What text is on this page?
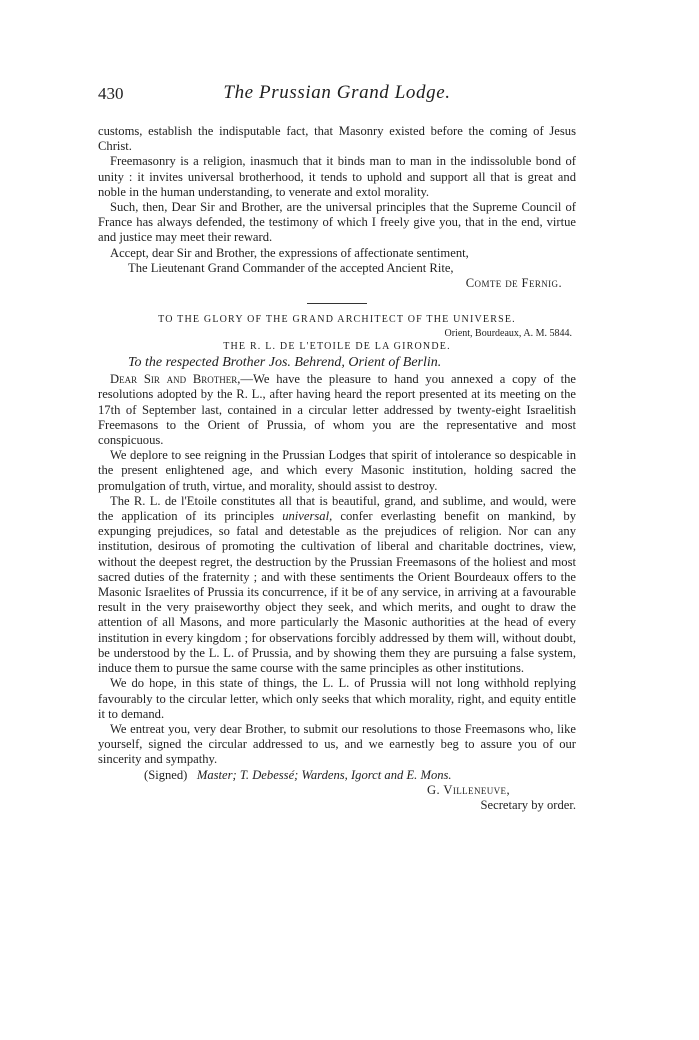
430	The Prussian Grand Lodge.

customs, establish the indisputable fact, that Masonry existed before the coming of Jesus Christ.

Freemasonry is a religion, inasmuch that it binds man to man in the indissoluble bond of unity : it invites universal brotherhood, it tends to uphold and support all that is great and noble in the human understanding, to venerate and extol morality.

Such, then, Dear Sir and Brother, are the universal principles that the Supreme Council of France has always defended, the testimony of which I freely give you, that in the end, virtue and justice may meet their reward.

Accept, dear Sir and Brother, the expressions of affectionate sentiment,

The Lieutenant Grand Commander of the accepted Ancient Rite,

Comte de Fernig.

TO THE GLORY OF THE GRAND ARCHITECT OF THE UNIVERSE.
Orient, Bourdeaux, A. M. 5844.
THE R. L. DE L'ETOILE DE LA GIRONDE.
To the respected Brother Jos. Behrend, Orient of Berlin.

Dear Sir and Brother,—We have the pleasure to hand you annexed a copy of the resolutions adopted by the R. L., after having heard the report presented at its meeting on the 17th of September last, contained in a circular letter addressed by twenty-eight Israelitish Freemasons to the Orient of Prussia, of whom you are the representative and most conspicuous.

We deplore to see reigning in the Prussian Lodges that spirit of intolerance so despicable in the present enlightened age, and which every Masonic institution, holding sacred the promulgation of truth, virtue, and morality, should assist to destroy.

The R. L. de l'Etoile constitutes all that is beautiful, grand, and sublime, and would, were the application of its principles universal, confer everlasting benefit on mankind, by expunging prejudices, so fatal and detestable as the prejudices of religion. Nor can any institution, desirous of promoting the cultivation of liberal and charitable doctrines, view, without the deepest regret, the destruction by the Prussian Freemasons of the holiest and most sacred duties of the fraternity ; and with these sentiments the Orient Bourdeaux offers to the Masonic Israelites of Prussia its concurrence, if it be of any service, in arriving at a favourable result in the very praiseworthy object they seek, and which merits, and ought to draw the attention of all Masons, and more particularly the Masonic authorities at the head of every institution in every kingdom ; for observations forcibly addressed by them will, without doubt, be understood by the L. L. of Prussia, and by showing them they are pursuing a false system, induce them to pursue the same course with the same principles as other institutions.

We do hope, in this state of things, the L. L. of Prussia will not long withhold replying favourably to the circular letter, which only seeks that which morality, right, and equity entitle it to demand.

We entreat you, very dear Brother, to submit our resolutions to those Freemasons who, like yourself, signed the circular addressed to us, and we earnestly beg to assure you of our sincerity and sympathy.

(Signed) Master; T. Debessé; Wardens, Igorct and E. Mons.

G. Villeneuve,

Secretary by order.
